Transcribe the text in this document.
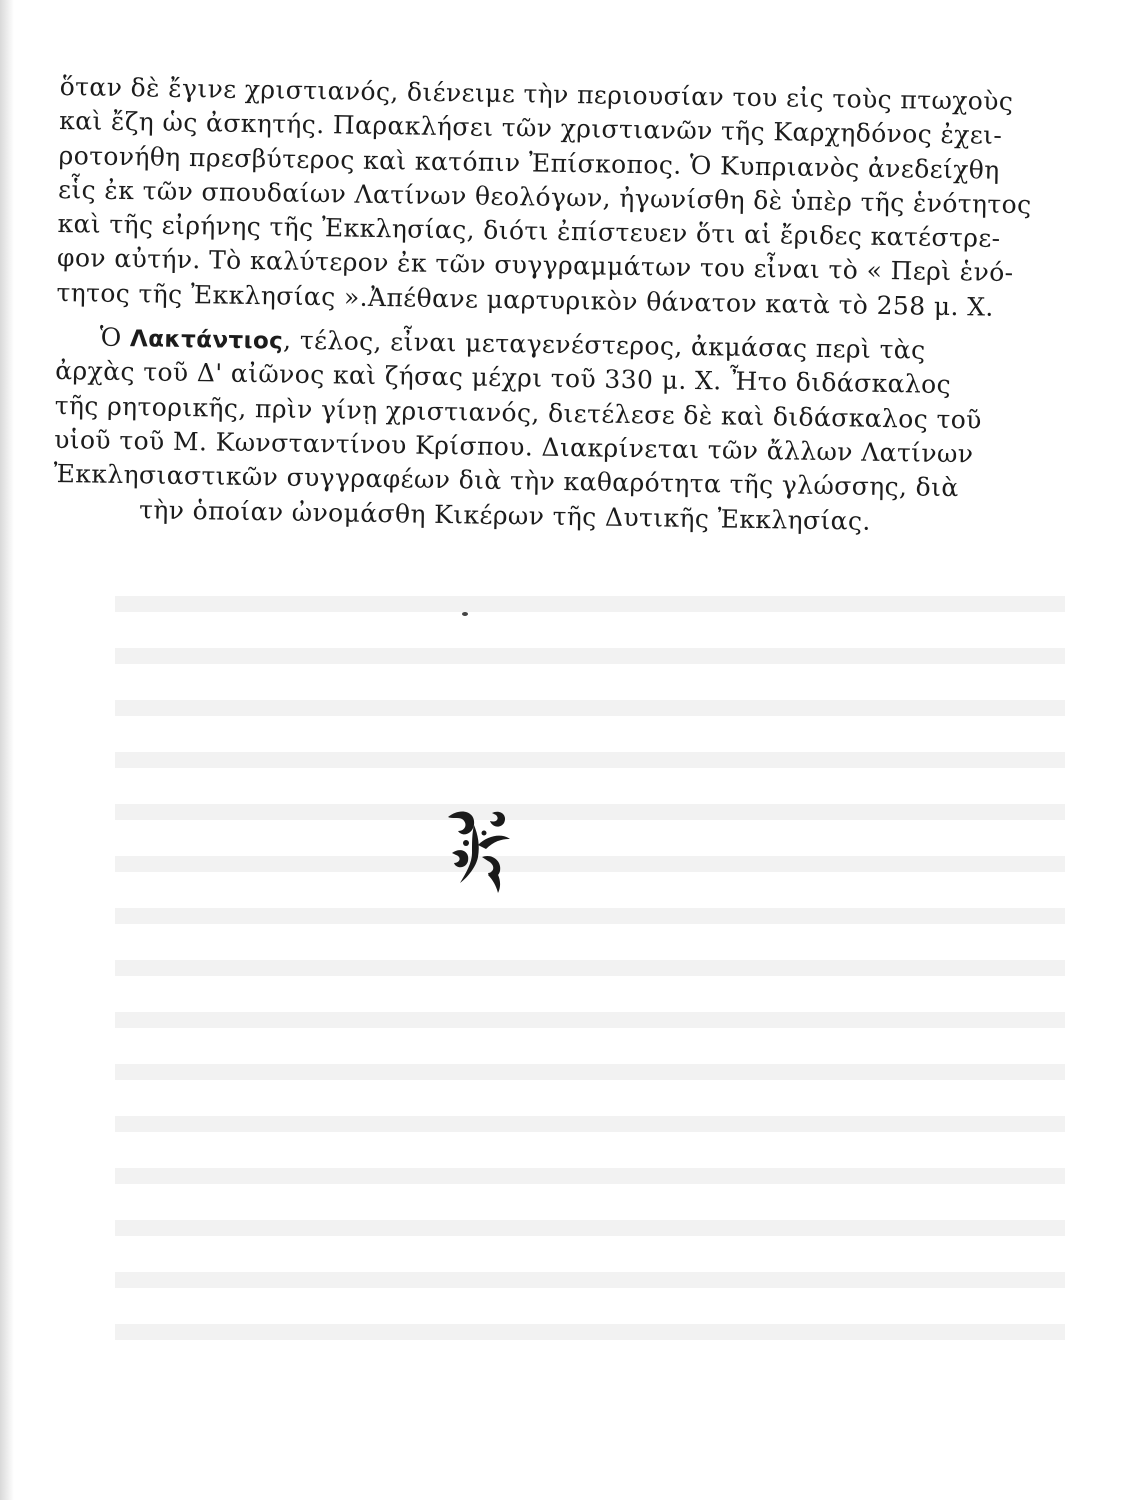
ὅταν δὲ ἔγινε χριστιανός, διένειμε τὴν περιουσίαν του εἰς τοὺς πτωχοὺς
καὶ ἔζη ὡς ἀσκητής. Παρακλήσει τῶν χριστιανῶν τῆς Καρχηδόνος ἐχει-
ροτονήθη πρεσβύτερος καὶ κατόπιν Ἐπίσκοπος. Ὁ Κυπριανὸς ἀνεδείχθη
εἷς ἐκ τῶν σπουδαίων Λατίνων θεολόγων, ἠγωνίσθη δὲ ὑπὲρ τῆς ἑνότητος
καὶ τῆς εἰρήνης τῆς Ἐκκλησίας, διότι ἐπίστευεν ὅτι αἱ ἔριδες κατέστρε-
φον αὐτήν. Τὸ καλύτερον ἐκ τῶν συγγραμμάτων του εἶναι τὸ « Περὶ ἑνό-
τητος τῆς Ἐκκλησίας ».Ἀπέθανε μαρτυρικὸν θάνατον κατὰ τὸ 258 μ. Χ.
Ὁ Λακτάντιος, τέλος, εἶναι μεταγενέστερος, ἀκμάσας περὶ τὰς
ἀρχὰς τοῦ Δ' αἰῶνος καὶ ζήσας μέχρι τοῦ 330 μ. Χ. Ἦτο διδάσκαλος
τῆς ρητορικῆς, πρὶν γίνῃ χριστιανός, διετέλεσε δὲ καὶ διδάσκαλος τοῦ
υἱοῦ τοῦ Μ. Κωνσταντίνου Κρίσπου. Διακρίνεται τῶν ἄλλων Λατίνων
Ἐκκλησιαστικῶν συγγραφέων διὰ τὴν καθαρότητα τῆς γλώσσης, διὰ
τὴν ὁποίαν ὠνομάσθη Κικέρων τῆς Δυτικῆς Ἐκκλησίας.
